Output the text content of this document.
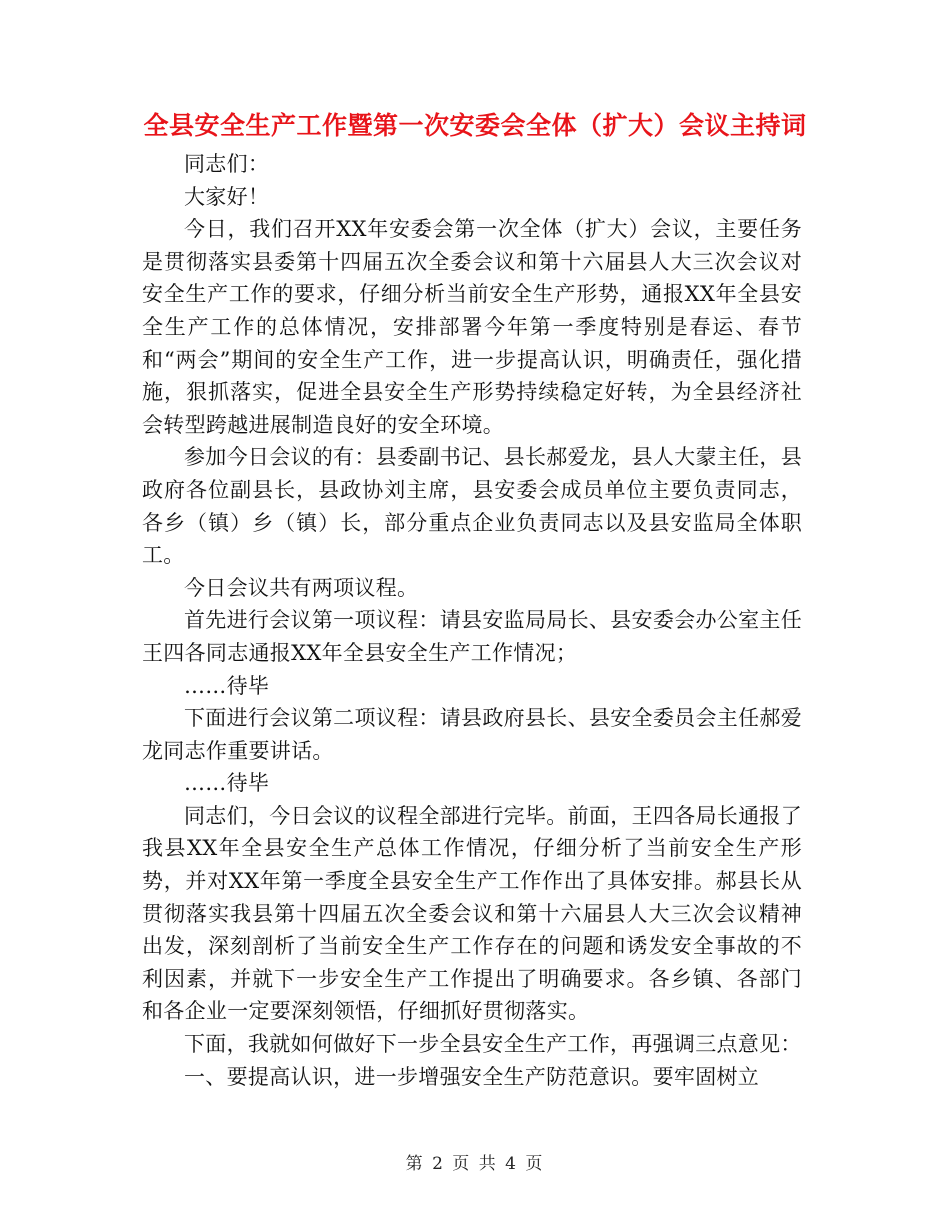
全县安全生产工作暨第一次安委会全体（扩大）会议主持词

同志们：

大家好！

今日，我们召开XX年安委会第一次全体（扩大）会议，主要任务是贯彻落实县委第十四届五次全委会议和第十六届县人大三次会议对安全生产工作的要求，仔细分析当前安全生产形势，通报XX年全县安全生产工作的总体情况，安排部署今年第一季度特别是春运、春节和“两会”期间的安全生产工作，进一步提高认识，明确责任，强化措施，狠抓落实，促进全县安全生产形势持续稳定好转，为全县经济社会转型跨越进展制造良好的安全环境。

参加今日会议的有：县委副书记、县长郝爱龙，县人大蒙主任，县政府各位副县长，县政协刘主席，县安委会成员单位主要负责同志，各乡（镇）乡（镇）长，部分重点企业负责同志以及县安监局全体职工。

今日会议共有两项议程。

首先进行会议第一项议程：请县安监局局长、县安委会办公室主任王四各同志通报XX年全县安全生产工作情况；

……待毕

下面进行会议第二项议程：请县政府县长、县安全委员会主任郝爱龙同志作重要讲话。

……待毕

同志们，今日会议的议程全部进行完毕。前面，王四各局长通报了我县XX年全县安全生产总体工作情况，仔细分析了当前安全生产形势，并对XX年第一季度全县安全生产工作作出了具体安排。郝县长从贯彻落实我县第十四届五次全委会议和第十六届县人大三次会议精神出发，深刻剖析了当前安全生产工作存在的问题和诱发安全事故的不利因素，并就下一步安全生产工作提出了明确要求。各乡镇、各部门和各企业一定要深刻领悟，仔细抓好贯彻落实。

下面，我就如何做好下一步全县安全生产工作，再强调三点意见：

一、要提高认识，进一步增强安全生产防范意识。要牢固树立

第 2 页 共 4 页
